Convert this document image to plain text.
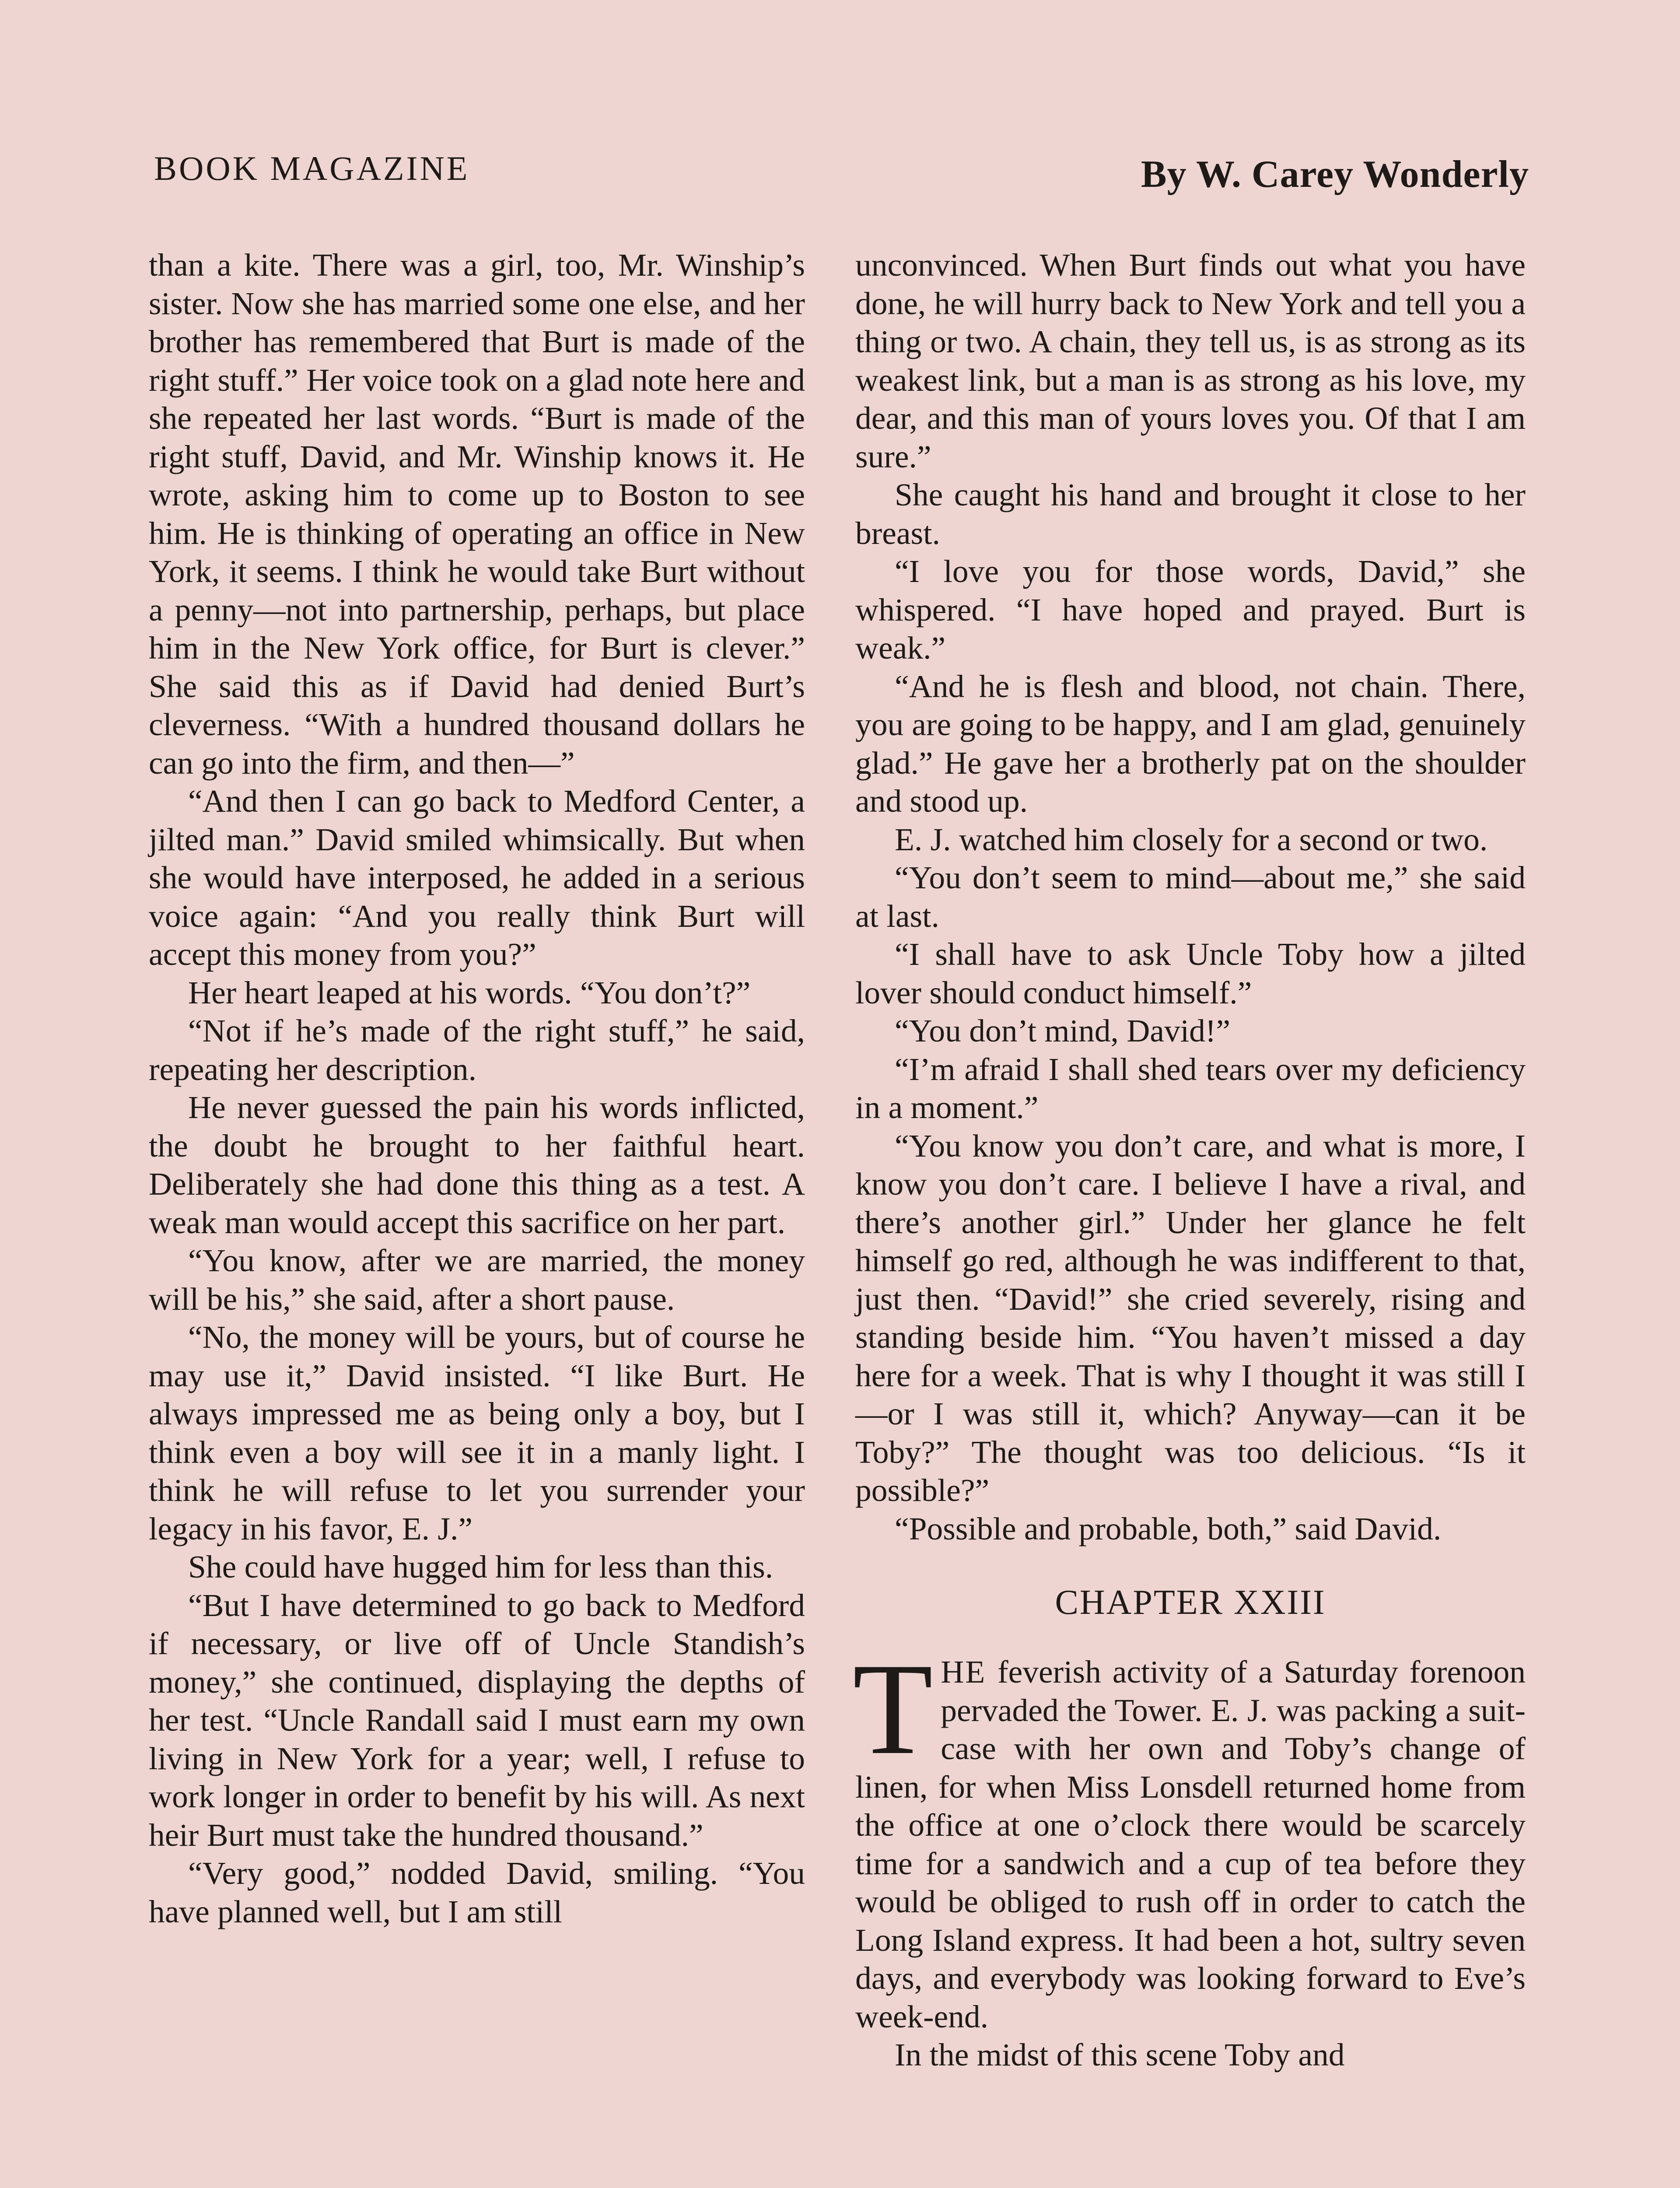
BOOK MAGAZINE	By W. Carey Wonderly

than a kite. There was a girl, too, Mr. Winship’s sister. Now she has married some one else, and her brother has remembered that Burt is made of the right stuff.” Her voice took on a glad note here and she repeated her last words. “Burt is made of the right stuff, David, and Mr. Winship knows it. He wrote, asking him to come up to Boston to see him. He is thinking of operating an office in New York, it seems. I think he would take Burt without a penny—not into partnership, perhaps, but place him in the New York office, for Burt is clever.” She said this as if David had denied Burt’s cleverness. “With a hundred thousand dollars he can go into the firm, and then—”

“And then I can go back to Medford Center, a jilted man.” David smiled whimsically. But when she would have interposed, he added in a serious voice again: “And you really think Burt will accept this money from you?”

Her heart leaped at his words. “You don’t?”

“Not if he’s made of the right stuff,” he said, repeating her description.

He never guessed the pain his words inflicted, the doubt he brought to her faithful heart. Deliberately she had done this thing as a test. A weak man would accept this sacrifice on her part.

“You know, after we are married, the money will be his,” she said, after a short pause.

“No, the money will be yours, but of course he may use it,” David insisted. “I like Burt. He always impressed me as being only a boy, but I think even a boy will see it in a manly light. I think he will refuse to let you surrender your legacy in his favor, E. J.”

She could have hugged him for less than this.

“But I have determined to go back to Medford if necessary, or live off of Uncle Standish’s money,” she continued, displaying the depths of her test. “Uncle Randall said I must earn my own living in New York for a year; well, I refuse to work longer in order to benefit by his will. As next heir Burt must take the hundred thousand.”

“Very good,” nodded David, smiling. “You have planned well, but I am still

unconvinced. When Burt finds out what you have done, he will hurry back to New York and tell you a thing or two. A chain, they tell us, is as strong as its weakest link, but a man is as strong as his love, my dear, and this man of yours loves you. Of that I am sure.”

She caught his hand and brought it close to her breast.

“I love you for those words, David,” she whispered. “I have hoped and prayed. Burt is weak.”

“And he is flesh and blood, not chain. There, you are going to be happy, and I am glad, genuinely glad.” He gave her a brotherly pat on the shoulder and stood up.

E. J. watched him closely for a second or two.

“You don’t seem to mind—about me,” she said at last.

“I shall have to ask Uncle Toby how a jilted lover should conduct himself.”

“You don’t mind, David!”

“I’m afraid I shall shed tears over my deficiency in a moment.”

“You know you don’t care, and what is more, I know you don’t care. I believe I have a rival, and there’s another girl.” Under her glance he felt himself go red, although he was indifferent to that, just then. “David!” she cried severely, rising and standing beside him. “You haven’t missed a day here for a week. That is why I thought it was still I—or I was still it, which? Anyway—can it be Toby?” The thought was too delicious. “Is it possible?”

“Possible and probable, both,” said David.

CHAPTER XXIII

THE feverish activity of a Saturday forenoon pervaded the Tower. E. J. was packing a suitcase with her own and Toby’s change of linen, for when Miss Lonsdell returned home from the office at one o’clock there would be scarcely time for a sandwich and a cup of tea before they would be obliged to rush off in order to catch the Long Island express. It had been a hot, sultry seven days, and everybody was looking forward to Eve’s week-end.

In the midst of this scene Toby and
